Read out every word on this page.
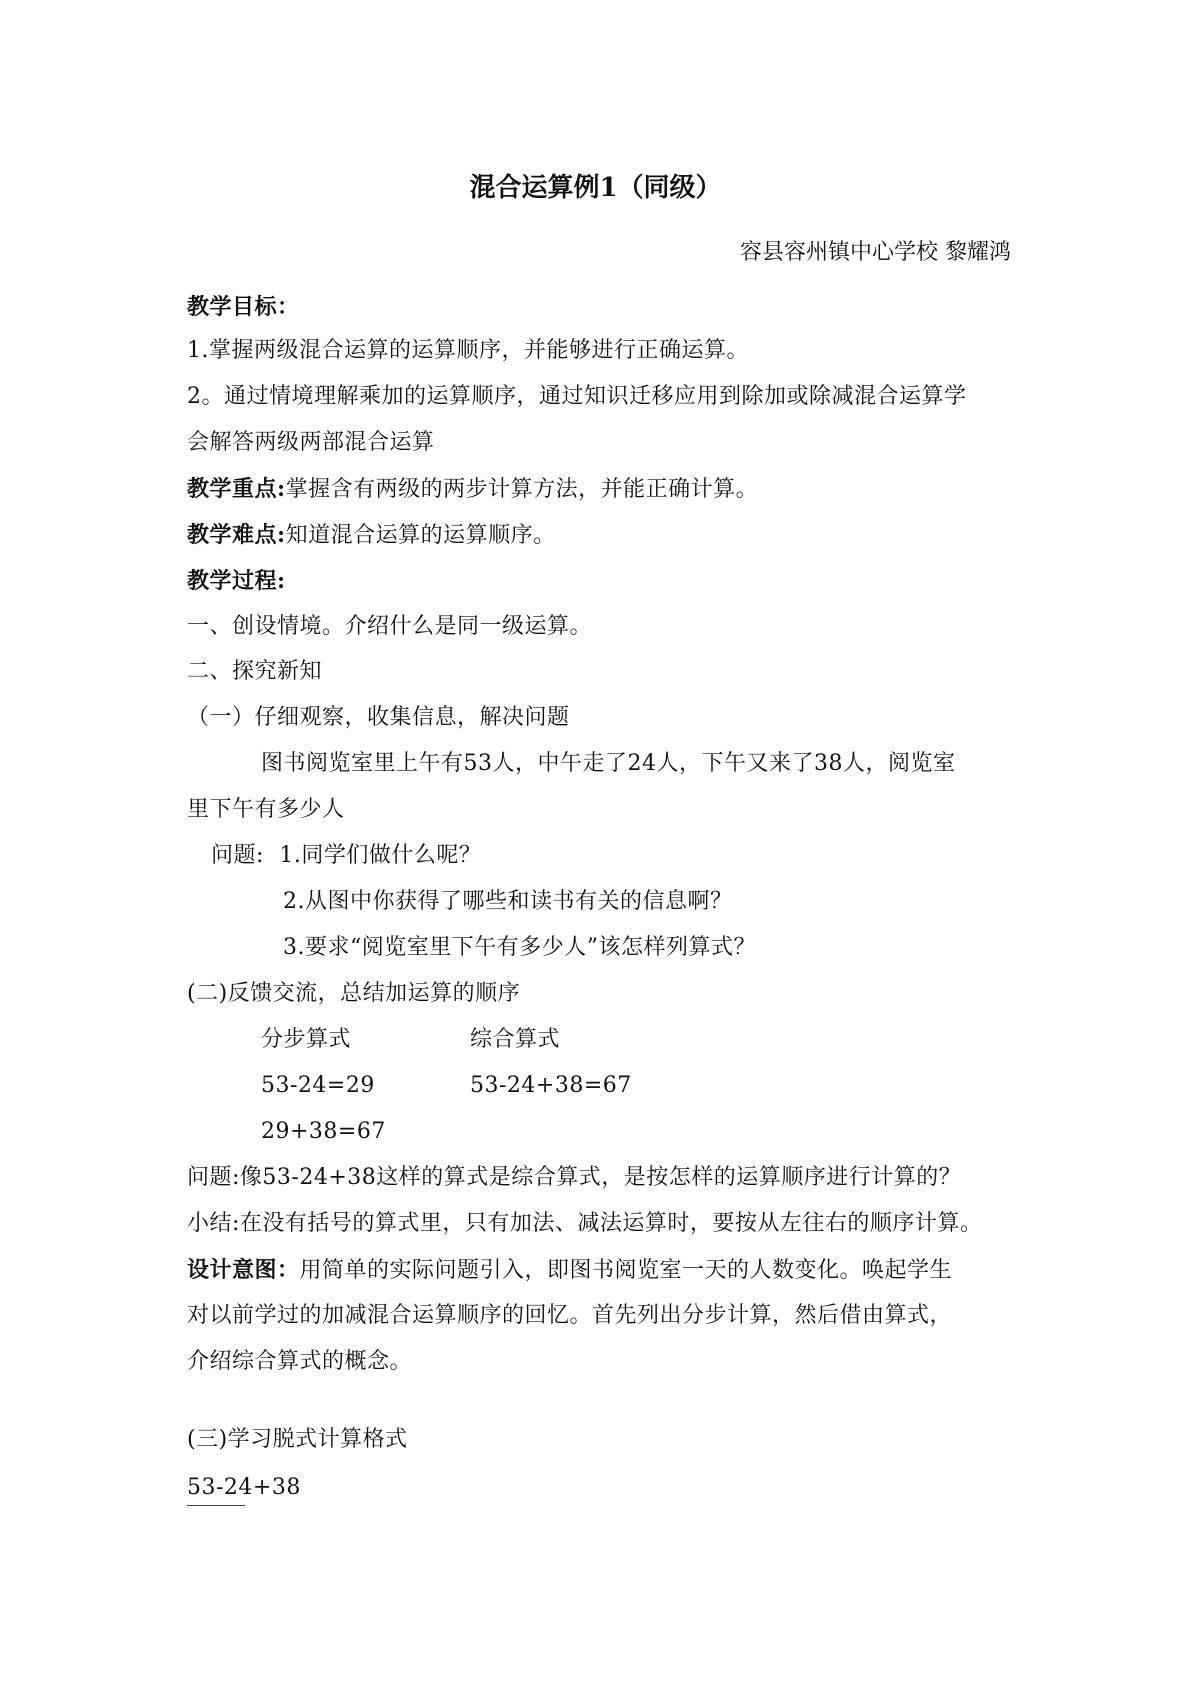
混合运算例1（同级）
容县容州镇中心学校 黎耀鸿
教学目标：
1.掌握两级混合运算的运算顺序，并能够进行正确运算。
2。通过情境理解乘加的运算顺序，通过知识迁移应用到除加或除减混合运算学
会解答两级两部混合运算
教学重点:掌握含有两级的两步计算方法，并能正确计算。
教学难点:知道混合运算的运算顺序。
教学过程:
一、创设情境。介绍什么是同一级运算。
二、探究新知
（一）仔细观察，收集信息，解决问题
图书阅览室里上午有53人，中午走了24人，下午又来了38人，阅览室
里下午有多少人
问题: 1.同学们做什么呢？
2.从图中你获得了哪些和读书有关的信息啊？
3.要求“阅览室里下午有多少人”该怎样列算式？
(二)反馈交流，总结加运算的顺序
分步算式	综合算式
53-24=29	53-24+38=67
29+38=67
问题:像53-24+38这样的算式是综合算式，是按怎样的运算顺序进行计算的？
小结:在没有括号的算式里，只有加法、减法运算时，要按从左往右的顺序计算。
设计意图：用简单的实际问题引入，即图书阅览室一天的人数变化。唤起学生
对以前学过的加减混合运算顺序的回忆。首先列出分步计算，然后借由算式，
介绍综合算式的概念。
(三)学习脱式计算格式
53-24+38
